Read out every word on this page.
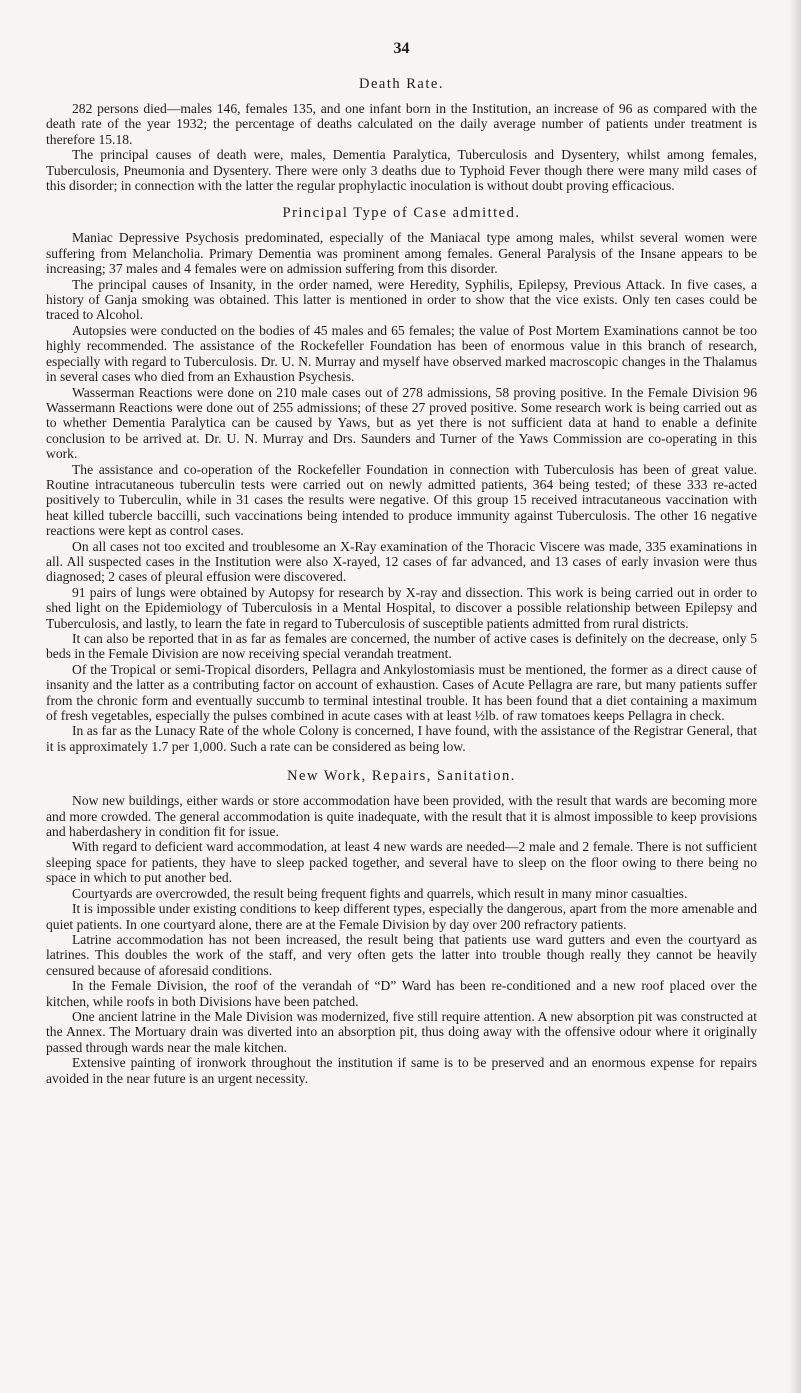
34
Death Rate.

282 persons died—males 146, females 135, and one infant born in the Institution, an increase of 96 as compared with the death rate of the year 1932; the percentage of deaths calculated on the daily average number of patients under treatment is therefore 15.18.

The principal causes of death were, males, Dementia Paralytica, Tuberculosis and Dysentery, whilst among females, Tuberculosis, Pneumonia and Dysentery. There were only 3 deaths due to Typhoid Fever though there were many mild cases of this disorder; in connection with the latter the regular prophylactic inoculation is without doubt proving efficacious.

Principal Type of Case admitted.

Maniac Depressive Psychosis predominated, especially of the Maniacal type among males, whilst several women were suffering from Melancholia. Primary Dementia was prominent among females. General Paralysis of the Insane appears to be increasing; 37 males and 4 females were on admission suffering from this disorder.

The principal causes of Insanity, in the order named, were Heredity, Syphilis, Epilepsy, Previous Attack. In five cases, a history of Ganja smoking was obtained. This latter is mentioned in order to show that the vice exists. Only ten cases could be traced to Alcohol.

Autopsies were conducted on the bodies of 45 males and 65 females; the value of Post Mortem Examinations cannot be too highly recommended. The assistance of the Rockefeller Foundation has been of enormous value in this branch of research, especially with regard to Tuberculosis. Dr. U. N. Murray and myself have observed marked macroscopic changes in the Thalamus in several cases who died from an Exhaustion Psychesis.

Wasserman Reactions were done on 210 male cases out of 278 admissions, 58 proving positive. In the Female Division 96 Wassermann Reactions were done out of 255 admissions; of these 27 proved positive. Some research work is being carried out as to whether Dementia Paralytica can be caused by Yaws, but as yet there is not sufficient data at hand to enable a definite conclusion to be arrived at. Dr. U. N. Murray and Drs. Saunders and Turner of the Yaws Commission are co-operating in this work.

The assistance and co-operation of the Rockefeller Foundation in connection with Tuberculosis has been of great value. Routine intracutaneous tuberculin tests were carried out on newly admitted patients, 364 being tested; of these 333 re-acted positively to Tuberculin, while in 31 cases the results were negative. Of this group 15 received intracutaneous vaccination with heat killed tubercle baccilli, such vaccinations being intended to produce immunity against Tuberculosis. The other 16 negative reactions were kept as control cases.

On all cases not too excited and troublesome an X-Ray examination of the Thoracic Viscere was made, 335 examinations in all. All suspected cases in the Institution were also X-rayed, 12 cases of far advanced, and 13 cases of early invasion were thus diagnosed; 2 cases of pleural effusion were discovered.

91 pairs of lungs were obtained by Autopsy for research by X-ray and dissection. This work is being carried out in order to shed light on the Epidemiology of Tuberculosis in a Mental Hospital, to discover a possible relationship between Epilepsy and Tuberculosis, and lastly, to learn the fate in regard to Tuberculosis of susceptible patients admitted from rural districts.

It can also be reported that in as far as females are concerned, the number of active cases is definitely on the decrease, only 5 beds in the Female Division are now receiving special verandah treatment.

Of the Tropical or semi-Tropical disorders, Pellagra and Ankylostomiasis must be mentioned, the former as a direct cause of insanity and the latter as a contributing factor on account of exhaustion. Cases of Acute Pellagra are rare, but many patients suffer from the chronic form and eventually succumb to terminal intestinal trouble. It has been found that a diet containing a maximum of fresh vegetables, especially the pulses combined in acute cases with at least ½lb. of raw tomatoes keeps Pellagra in check.

In as far as the Lunacy Rate of the whole Colony is concerned, I have found, with the assistance of the Registrar General, that it is approximately 1.7 per 1,000. Such a rate can be considered as being low.

New Work, Repairs, Sanitation.

Now new buildings, either wards or store accommodation have been provided, with the result that wards are becoming more and more crowded. The general accommodation is quite inadequate, with the result that it is almost impossible to keep provisions and haberdashery in condition fit for issue.

With regard to deficient ward accommodation, at least 4 new wards are needed—2 male and 2 female. There is not sufficient sleeping space for patients, they have to sleep packed together, and several have to sleep on the floor owing to there being no space in which to put another bed.

Courtyards are overcrowded, the result being frequent fights and quarrels, which result in many minor casualties.

It is impossible under existing conditions to keep different types, especially the dangerous, apart from the more amenable and quiet patients. In one courtyard alone, there are at the Female Division by day over 200 refractory patients.

Latrine accommodation has not been increased, the result being that patients use ward gutters and even the courtyard as latrines. This doubles the work of the staff, and very often gets the latter into trouble though really they cannot be heavily censured because of aforesaid conditions.

In the Female Division, the roof of the verandah of “D” Ward has been re-conditioned and a new roof placed over the kitchen, while roofs in both Divisions have been patched.

One ancient latrine in the Male Division was modernized, five still require attention. A new absorption pit was constructed at the Annex. The Mortuary drain was diverted into an absorption pit, thus doing away with the offensive odour where it originally passed through wards near the male kitchen.

Extensive painting of ironwork throughout the institution if same is to be preserved and an enormous expense for repairs avoided in the near future is an urgent necessity.
